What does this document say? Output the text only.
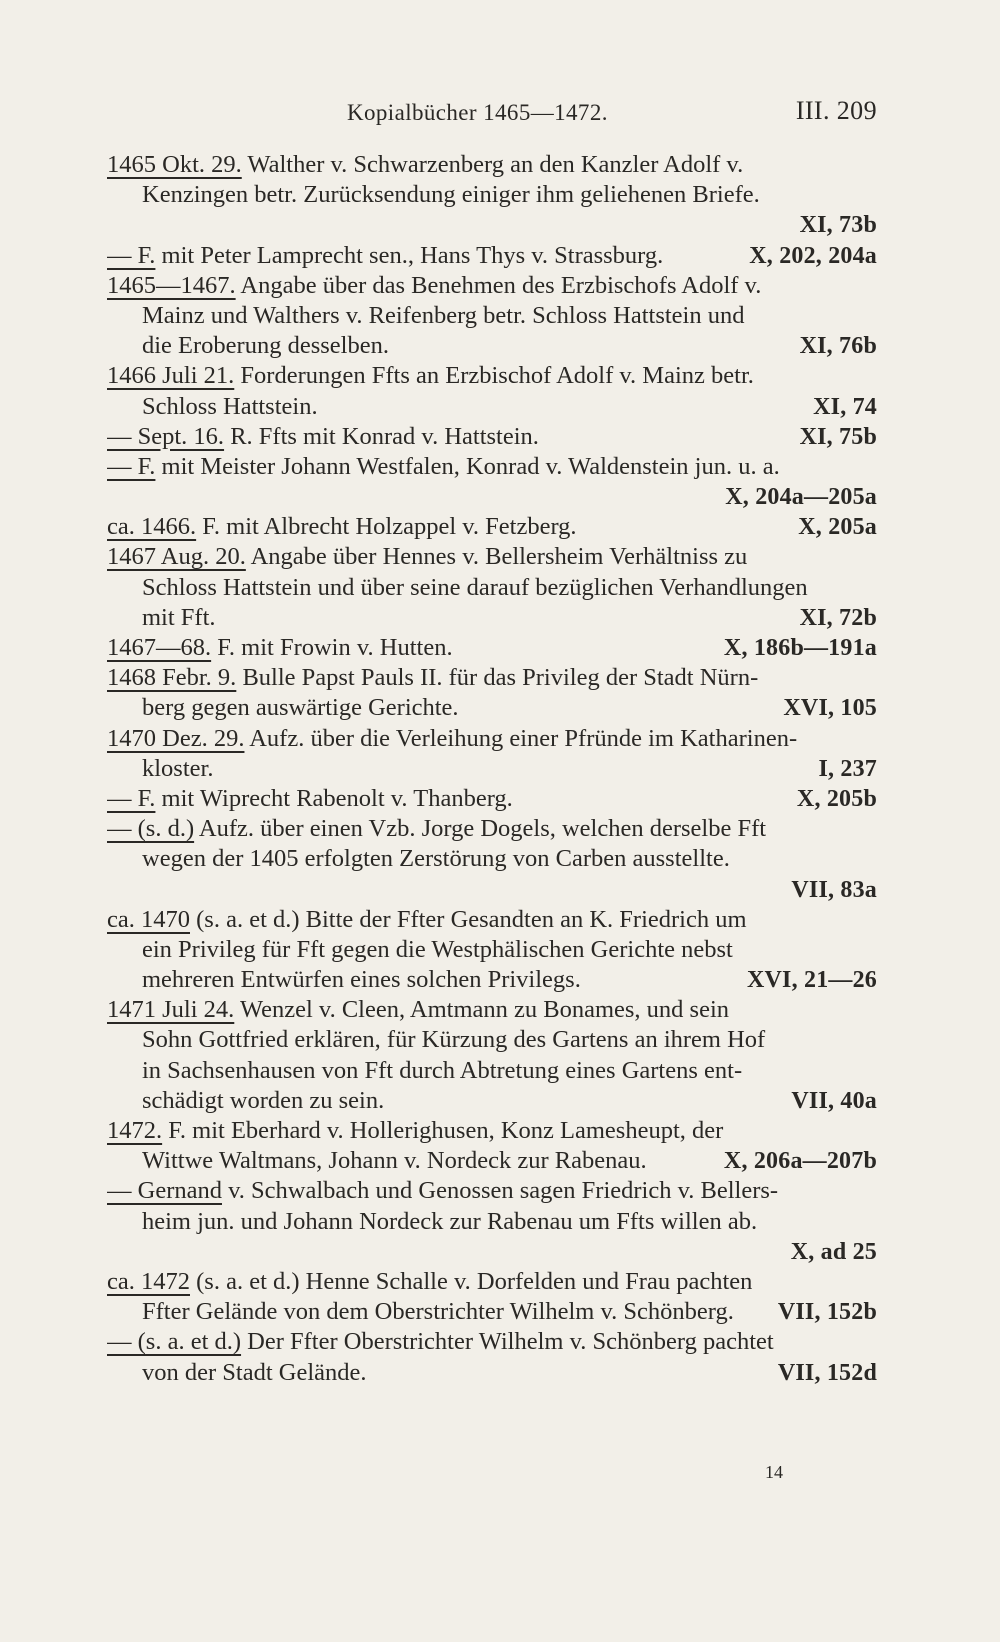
Kopialbücher 1465—1472.	III. 209
1465 Okt. 29. Walther v. Schwarzenberg an den Kanzler Adolf v.
Kenzingen betr. Zurücksendung einiger ihm geliehenen Briefe.
XI, 73b
X, 202, 204a
— F. mit Peter Lamprecht sen., Hans Thys v. Strassburg.
1465—1467. Angabe über das Benehmen des Erzbischofs Adolf v.
Mainz und Walthers v. Reifenberg betr. Schloss Hattstein und
XI, 76b
die Eroberung desselben.
1466 Juli 21. Forderungen Ffts an Erzbischof Adolf v. Mainz betr.
XI, 74
Schloss Hattstein.
XI, 75b
— Sept. 16. R. Ffts mit Konrad v. Hattstein.
— F. mit Meister Johann Westfalen, Konrad v. Waldenstein jun. u. a.
X, 204a—205a
X, 205a
ca. 1466. F. mit Albrecht Holzappel v. Fetzberg.
1467 Aug. 20. Angabe über Hennes v. Bellersheim Verhältniss zu
Schloss Hattstein und über seine darauf bezüglichen Verhandlungen
XI, 72b
mit Fft.
X, 186b—191a
1467—68. F. mit Frowin v. Hutten.
1468 Febr. 9. Bulle Papst Pauls II. für das Privileg der Stadt Nürn-
XVI, 105
berg gegen auswärtige Gerichte.
1470 Dez. 29. Aufz. über die Verleihung einer Pfründe im Katharinen-
I, 237
kloster.
X, 205b
— F. mit Wiprecht Rabenolt v. Thanberg.
— (s. d.) Aufz. über einen Vzb. Jorge Dogels, welchen derselbe Fft
wegen der 1405 erfolgten Zerstörung von Carben ausstellte.
VII, 83a
ca. 1470 (s. a. et d.) Bitte der Ffter Gesandten an K. Friedrich um
ein Privileg für Fft gegen die Westphälischen Gerichte nebst
XVI, 21—26
mehreren Entwürfen eines solchen Privilegs.
1471 Juli 24. Wenzel v. Cleen, Amtmann zu Bonames, und sein
Sohn Gottfried erklären, für Kürzung des Gartens an ihrem Hof
in Sachsenhausen von Fft durch Abtretung eines Gartens ent-
VII, 40a
schädigt worden zu sein.
1472. F. mit Eberhard v. Hollerighusen, Konz Lamesheupt, der
X, 206a—207b
Wittwe Waltmans, Johann v. Nordeck zur Rabenau.
— Gernand v. Schwalbach und Genossen sagen Friedrich v. Bellers-
heim jun. und Johann Nordeck zur Rabenau um Ffts willen ab.
X, ad 25
ca. 1472 (s. a. et d.) Henne Schalle v. Dorfelden und Frau pachten
VII, 152b
Ffter Gelände von dem Oberstrichter Wilhelm v. Schönberg.
— (s. a. et d.) Der Ffter Oberstrichter Wilhelm v. Schönberg pachtet
VII, 152d
von der Stadt Gelände.
14
